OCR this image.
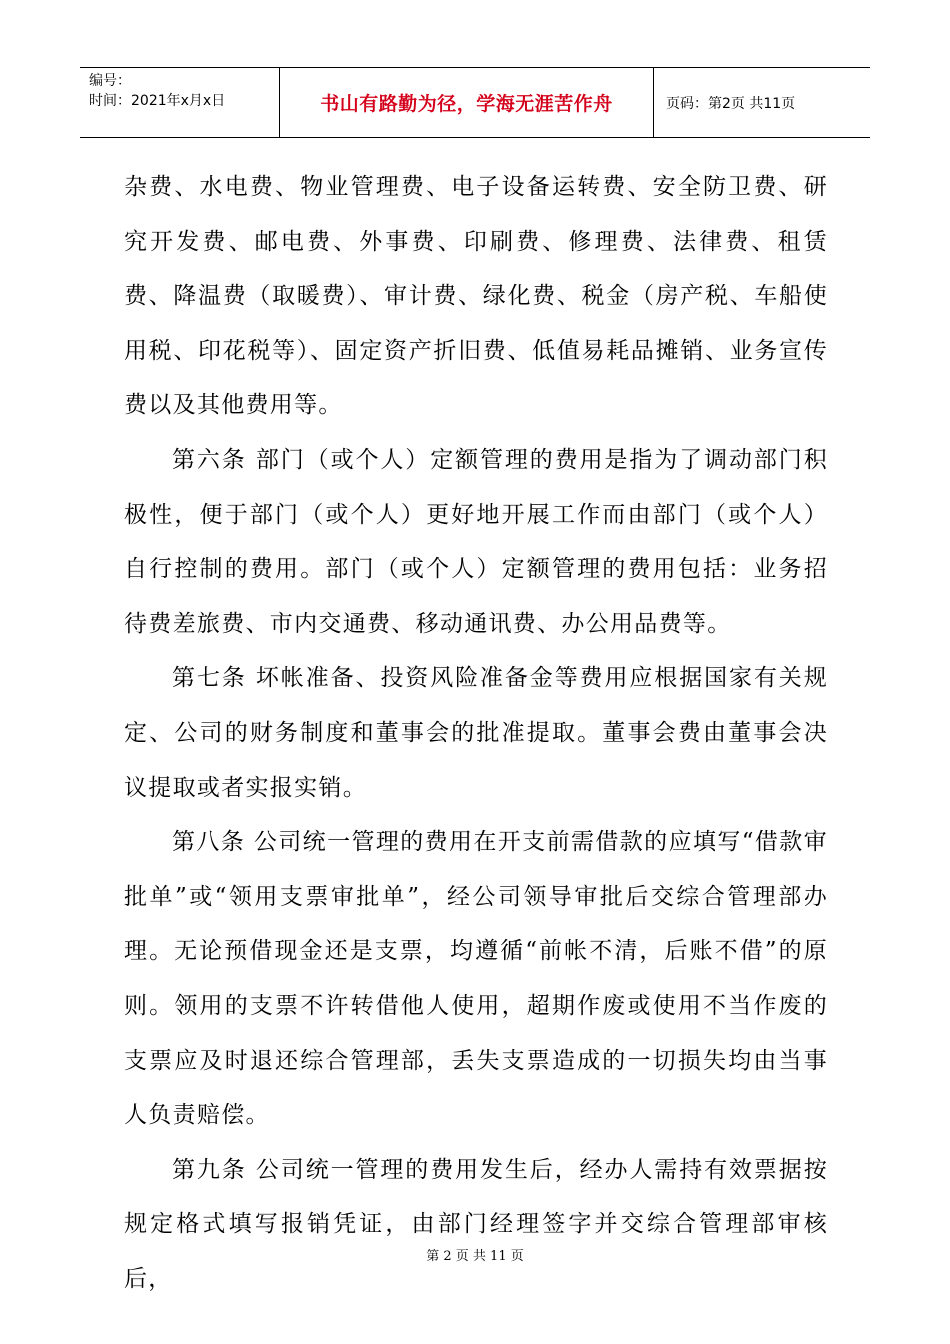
编号：
时间：2021年x月x日	书山有路勤为径，学海无涯苦作舟	页码：第2页 共11页

杂费、水电费、物业管理费、电子设备运转费、安全防卫费、研究开发费、邮电费、外事费、印刷费、修理费、法律费、租赁费、降温费（取暖费）、审计费、绿化费、税金（房产税、车船使用税、印花税等）、固定资产折旧费、低值易耗品摊销、业务宣传费以及其他费用等。

第六条 部门（或个人）定额管理的费用是指为了调动部门积极性，便于部门（或个人）更好地开展工作而由部门（或个人）自行控制的费用。部门（或个人）定额管理的费用包括：业务招待费差旅费、市内交通费、移动通讯费、办公用品费等。

第七条 坏帐准备、投资风险准备金等费用应根据国家有关规定、公司的财务制度和董事会的批准提取。董事会费由董事会决议提取或者实报实销。

第八条 公司统一管理的费用在开支前需借款的应填写“借款审批单”或“领用支票审批单”，经公司领导审批后交综合管理部办理。无论预借现金还是支票，均遵循“前帐不清，后账不借”的原则。领用的支票不许转借他人使用，超期作废或使用不当作废的支票应及时退还综合管理部，丢失支票造成的一切损失均由当事人负责赔偿。

第九条 公司统一管理的费用发生后，经办人需持有效票据按规定格式填写报销凭证，由部门经理签字并交综合管理部审核后，

第 2 页 共 11 页
